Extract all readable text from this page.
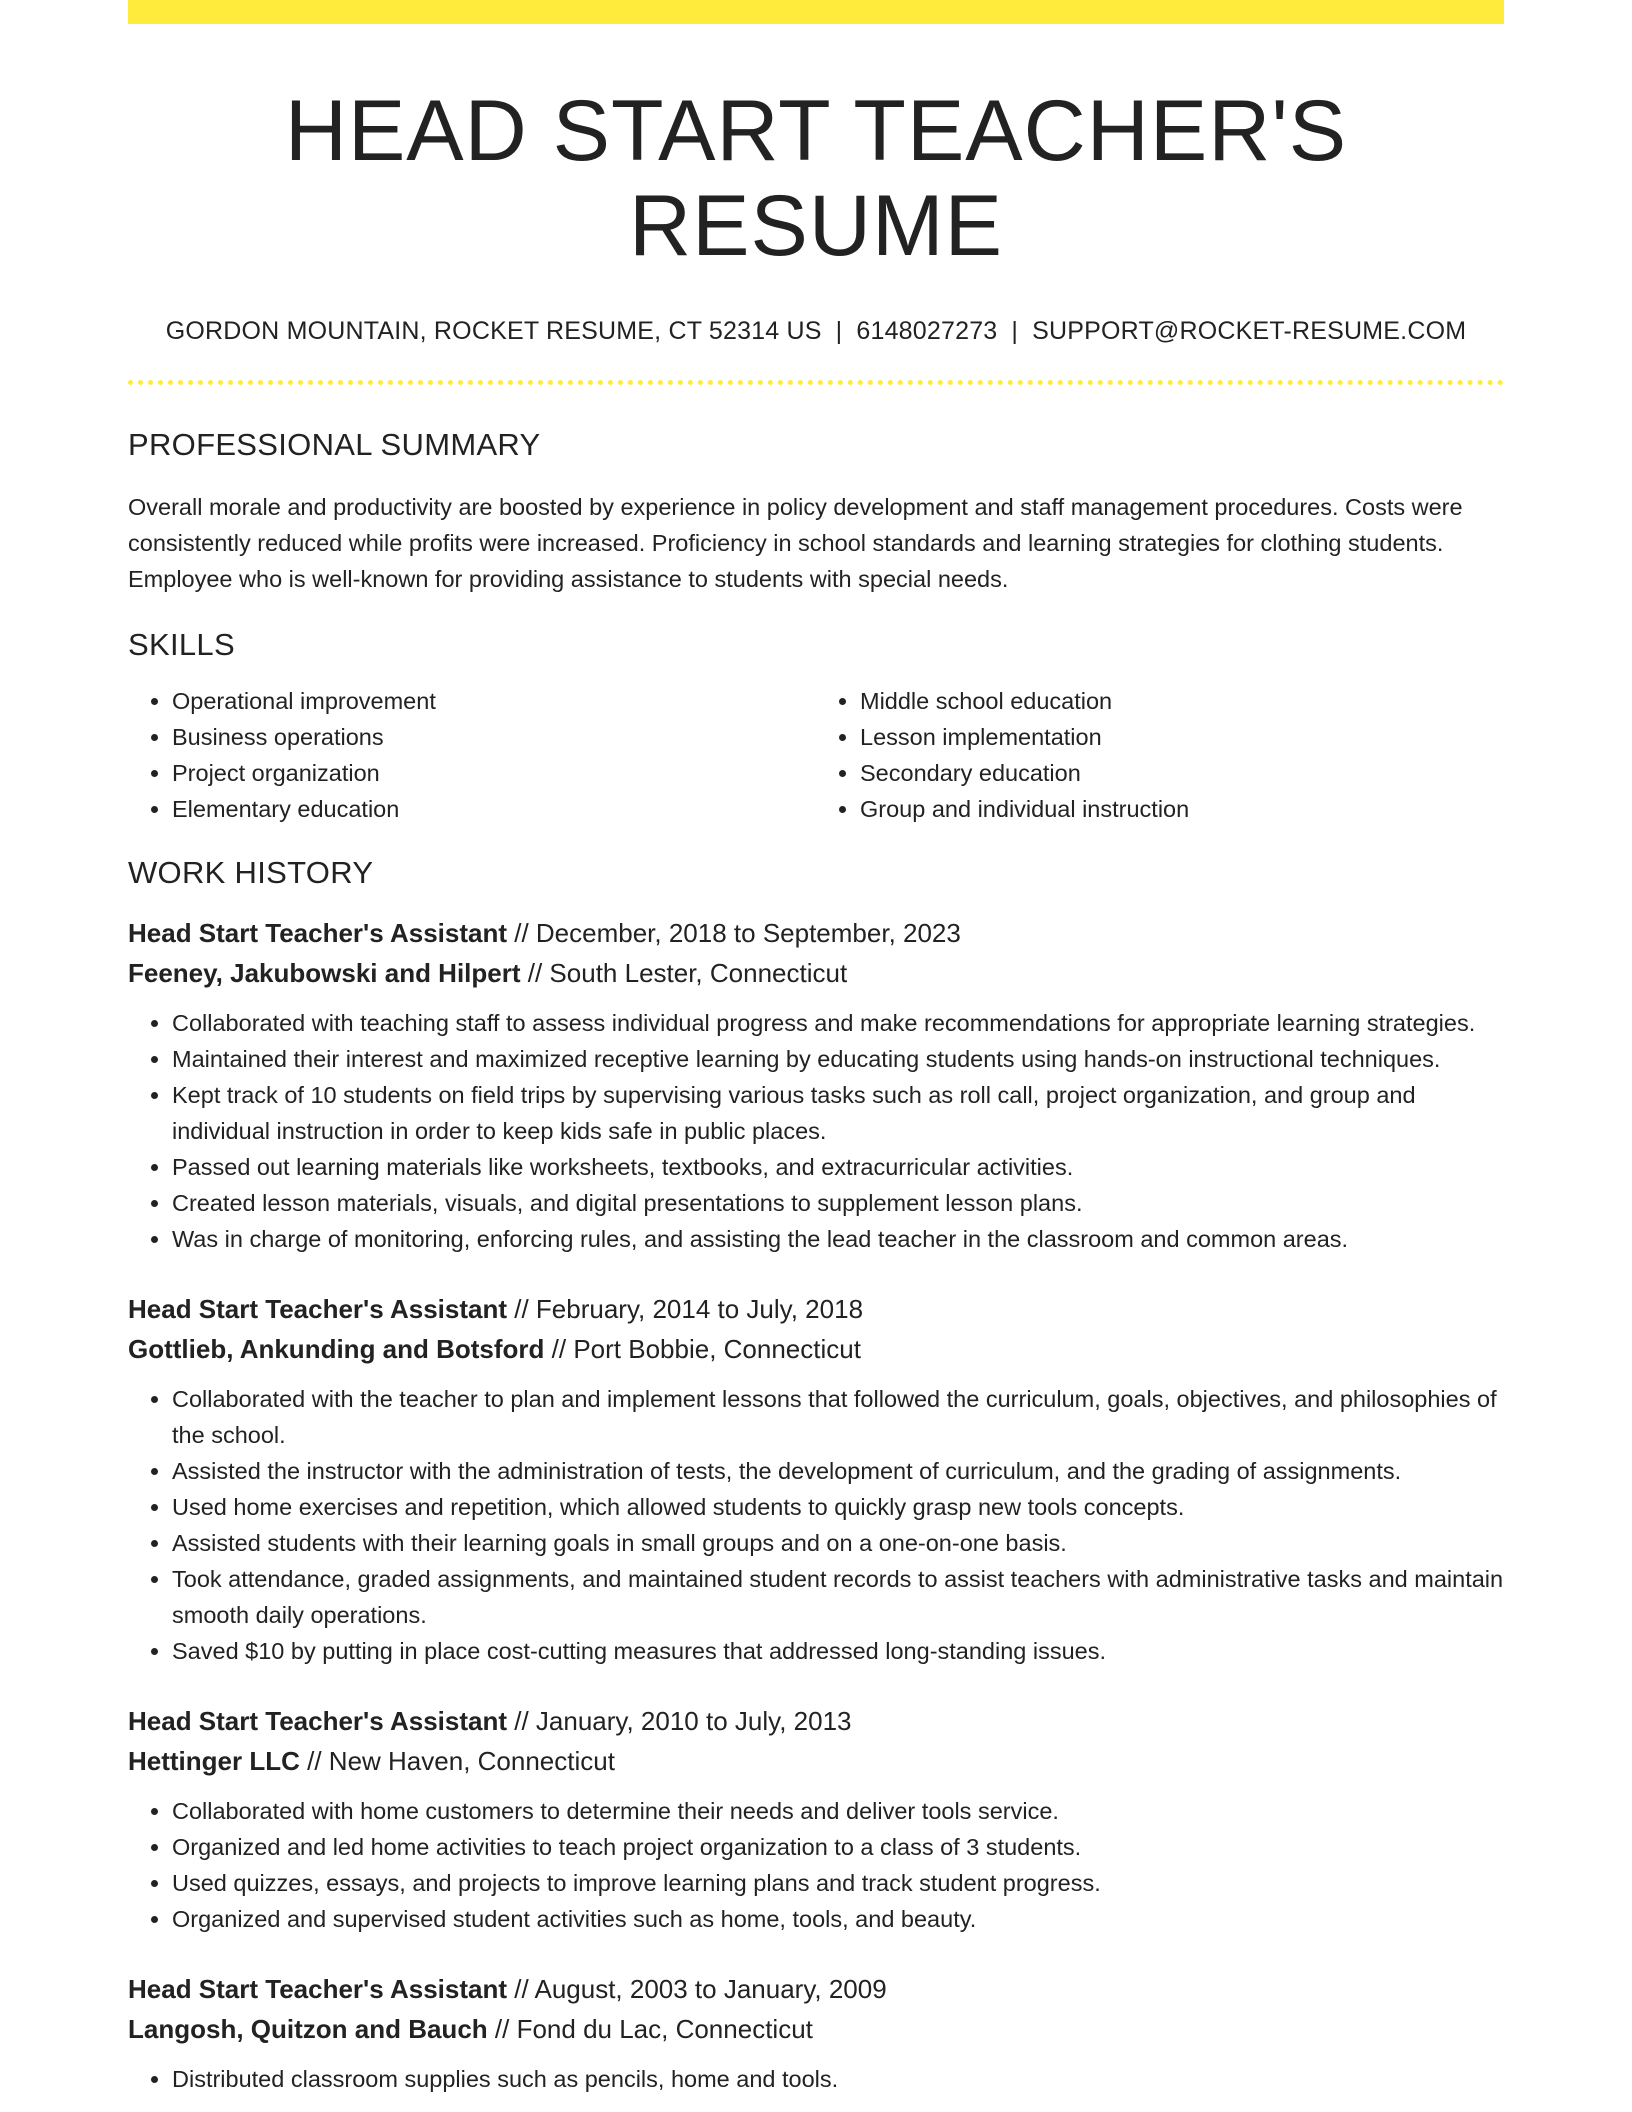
HEAD START TEACHER'S RESUME
GORDON MOUNTAIN, ROCKET RESUME, CT 52314 US | 6148027273 | SUPPORT@ROCKET-RESUME.COM
PROFESSIONAL SUMMARY

Overall morale and productivity are boosted by experience in policy development and staff management procedures. Costs were consistently reduced while profits were increased. Proficiency in school standards and learning strategies for clothing students. Employee who is well-known for providing assistance to students with special needs.

SKILLS
• Operational improvement
• Business operations
• Project organization
• Elementary education
• Middle school education
• Lesson implementation
• Secondary education
• Group and individual instruction
WORK HISTORY
Head Start Teacher's Assistant // December, 2018 to September, 2023
Feeney, Jakubowski and Hilpert // South Lester, Connecticut
• Collaborated with teaching staff to assess individual progress and make recommendations for appropriate learning strategies.
• Maintained their interest and maximized receptive learning by educating students using hands-on instructional techniques.
• Kept track of 10 students on field trips by supervising various tasks such as roll call, project organization, and group and individual instruction in order to keep kids safe in public places.
• Passed out learning materials like worksheets, textbooks, and extracurricular activities.
• Created lesson materials, visuals, and digital presentations to supplement lesson plans.
• Was in charge of monitoring, enforcing rules, and assisting the lead teacher in the classroom and common areas.
Head Start Teacher's Assistant // February, 2014 to July, 2018
Gottlieb, Ankunding and Botsford // Port Bobbie, Connecticut
• Collaborated with the teacher to plan and implement lessons that followed the curriculum, goals, objectives, and philosophies of the school.
• Assisted the instructor with the administration of tests, the development of curriculum, and the grading of assignments.
• Used home exercises and repetition, which allowed students to quickly grasp new tools concepts.
• Assisted students with their learning goals in small groups and on a one-on-one basis.
• Took attendance, graded assignments, and maintained student records to assist teachers with administrative tasks and maintain smooth daily operations.
• Saved $10 by putting in place cost-cutting measures that addressed long-standing issues.
Head Start Teacher's Assistant // January, 2010 to July, 2013
Hettinger LLC // New Haven, Connecticut
• Collaborated with home customers to determine their needs and deliver tools service.
• Organized and led home activities to teach project organization to a class of 3 students.
• Used quizzes, essays, and projects to improve learning plans and track student progress.
• Organized and supervised student activities such as home, tools, and beauty.
Head Start Teacher's Assistant // August, 2003 to January, 2009
Langosh, Quitzon and Bauch // Fond du Lac, Connecticut
• Distributed classroom supplies such as pencils, home and tools.
